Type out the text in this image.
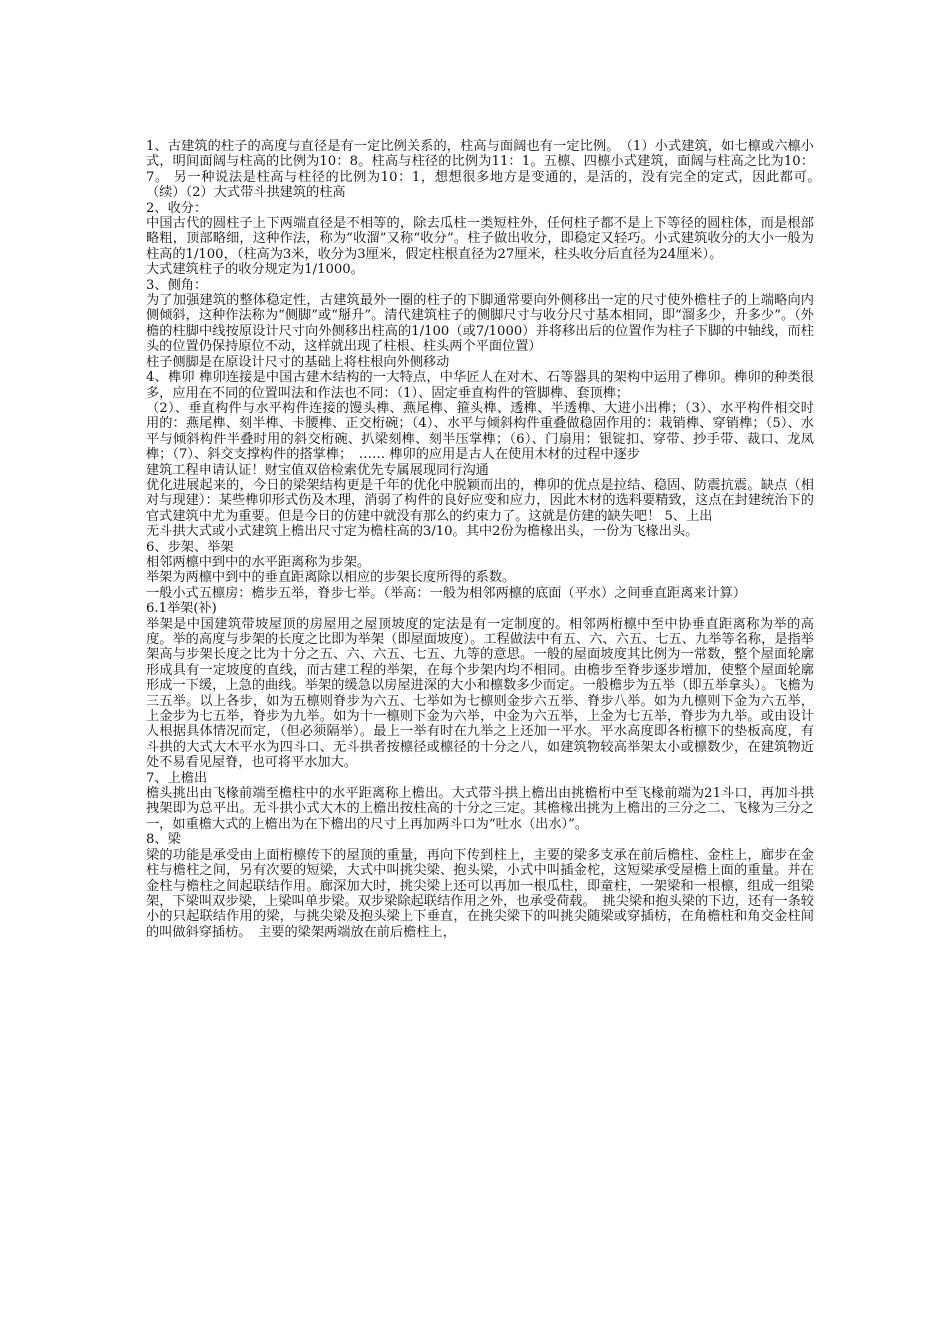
1、古建筑的柱子的高度与直径是有一定比例关系的，柱高与面阔也有一定比例。　（1）小式建筑，如七檩或六檩小式，明间面阔与柱高的比例为10：8。柱高与柱径的比例为11：1。五檩、四檩小式建筑，面阔与柱高之比为10：7。 另一种说法是柱高与柱径的比例为10：1，想想很多地方是变通的，是活的，没有完全的定式，因此都可。　（续）（2）大式带斗拱建筑的柱高

2、收分：

中国古代的圆柱子上下两端直径是不相等的，除去瓜柱一类短柱外，任何柱子都不是上下等径的圆柱体，而是根部略粗，顶部略细，这种作法，称为“收溜”又称“收分”。柱子做出收分，即稳定又轻巧。小式建筑收分的大小一般为柱高的1/100，（柱高为3米，收分为3厘米，假定柱根直径为27厘米，柱头收分后直径为24厘米）。

大式建筑柱子的收分规定为1/1000。

3、侧角：

为了加强建筑的整体稳定性，古建筑最外一圈的柱子的下脚通常要向外侧移出一定的尺寸使外檐柱子的上端略向内侧倾斜，这种作法称为“侧脚”或“掰升”。清代建筑柱子的侧脚尺寸与收分尺寸基本相同，即“溜多少，升多少”。（外檐的柱脚中线按原设计尺寸向外侧移出柱高的1/100（或7/1000）并将移出后的位置作为柱子下脚的中轴线，而柱头的位置仍保持原位不动，这样就出现了柱根、柱头两个平面位置）

柱子侧脚是在原设计尺寸的基础上将柱根向外侧移动

4、榫卯 榫卯连接是中国古建木结构的一大特点，中华匠人在对木、石等器具的架构中运用了榫卯。榫卯的种类很多，应用在不同的位置叫法和作法也不同：（1）、固定垂直构件的管脚榫、套顶榫；

（2）、垂直构件与水平构件连接的馒头榫、燕尾榫、箍头榫、透榫、半透榫、大进小出榫；（3）、水平构件相交时用的：燕尾榫、刻半榫、卡腰榫、正交桁碗；（4）、水平与倾斜构件重叠做稳固作用的：栽销榫、穿销榫；（5）、水平与倾斜构件半叠时用的斜交桁碗、扒梁刻榫、刻半压掌榫；（6）、门扇用：银锭扣、穿带、抄手带、裁口、龙凤榫；（7）、斜交支撑构件的搭掌榫；　…… 榫卯的应用是古人在使用木材的过程中逐步

建筑工程申请认证！财宝值双倍检索优先专属展现同行沟通

优化进展起来的，今日的梁架结构更是千年的优化中脱颖而出的，榫卯的优点是拉结、稳固、防震抗震。缺点（相对与现建）：某些榫卯形式伤及木理，消弱了构件的良好应变和应力，因此木材的选料要精致，这点在封建统治下的官式建筑中尤为重要。但是今日的仿建中就没有那么的约束力了。这就是仿建的缺失吧！ 5、上出

无斗拱大式或小式建筑上檐出尺寸定为檐柱高的3/10。其中2份为檐椽出头，一份为飞椽出头。

6、步架、举架

相邻两檩中到中的水平距离称为步架。

举架为两檩中到中的垂直距离除以相应的步架长度所得的系数。

一般小式五檩房：檐步五举，脊步七举。（举高：一般为相邻两檩的底面（平水）之间垂直距离来计算）

6.1举架(补)

举架是中国建筑带坡屋顶的房屋用之屋顶坡度的定法是有一定制度的。相邻两桁檩中至中协垂直距离称为举的高度。举的高度与步架的长度之比即为举架（即屋面坡度）。工程做法中有五、六、六五、七五、九举等名称，是指举架高与步架长度之比为十分之五、六、六五、七五、九等的意思。一般的屋面坡度其比例为一常数，整个屋面轮廓形成具有一定坡度的直线，而古建工程的举架，在每个步架内均不相同。由檐步至脊步逐步增加，使整个屋面轮廓形成一下缓，上急的曲线。举架的缓急以房屋进深的大小和檩数多少而定。一般檐步为五举（即五举拿头）。飞檐为三五举。以上各步，如为五檩则脊步为六五、七举如为七檩则金步六五举、脊步八举。如为九檩则下金为六五举，上金步为七五举，脊步为九举。如为十一檩则下金为六举，中金为六五举，上金为七五举，脊步为九举。或由设计人根据具体情况而定，（但必须隔举）。最上一举有时在九举之上还加一平水。平水高度即各桁檩下的垫板高度，有斗拱的大式大木平水为四斗口、无斗拱者按檩径或檩径的十分之八，如建筑物较高举架太小或檩数少，在建筑物近处不易看见屋脊，也可将平水加大。

7、上檐出

檐头挑出由飞椽前端至檐柱中的水平距离称上檐出。大式带斗拱上檐出由挑檐桁中至飞椽前端为21斗口，再加斗拱拽架即为总平出。无斗拱小式大木的上檐出按柱高的十分之三定。其檐椽出挑为上檐出的三分之二、飞椽为三分之一，如重檐大式的上檐出为在下檐出的尺寸上再加两斗口为“吐水（出水）”。

8、梁

梁的功能是承受由上面桁檩传下的屋顶的重量，再向下传到柱上，主要的梁多支承在前后檐柱、金柱上，廊步在金柱与檐柱之间，另有次要的短梁，大式中叫挑尖梁、抱头梁，小式中叫插金柁，这短梁承受屋檐上面的重量。并在金柱与檐柱之间起联结作用。廊深加大时，挑尖梁上还可以再加一根瓜柱，即童柱，一架梁和一根檩，组成一组梁架，下梁叫双步梁，上梁叫单步梁。双步梁除起联结作用之外，也承受荷载。　挑尖梁和抱头梁的下边，还有一条较小的只起联结作用的梁，与挑尖梁及抱头梁上下垂直，在挑尖梁下的叫挑尖随梁或穿插枋，在角檐柱和角交金柱间的叫做斜穿插枋。　主要的梁架两端放在前后檐柱上，
